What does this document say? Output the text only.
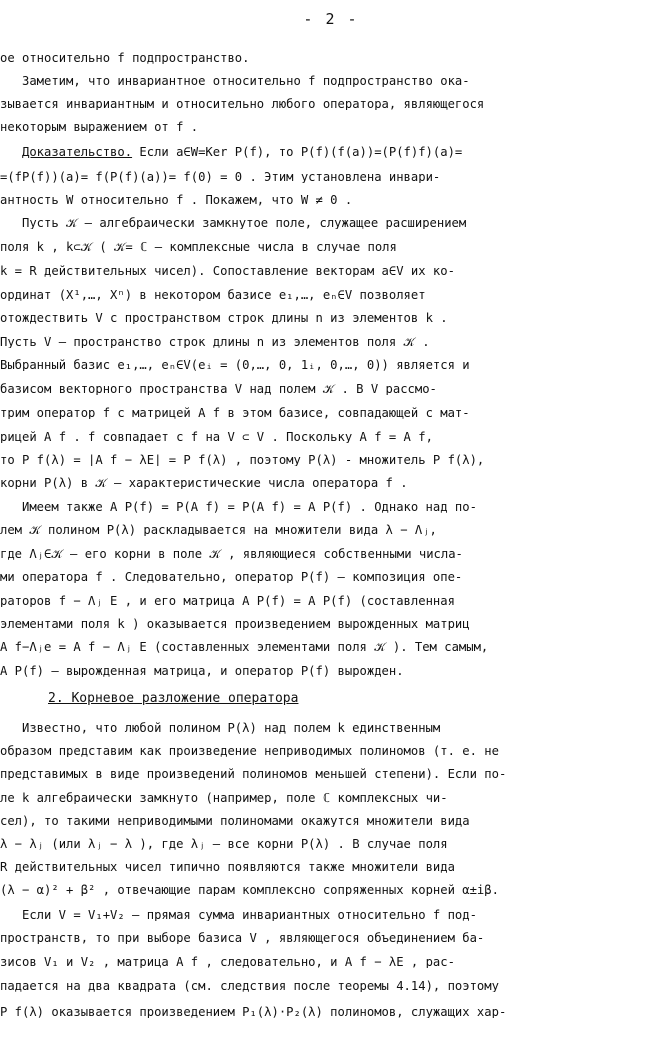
- 2 -
ое относительно f подпространство.
Заметим, что инвариантное относительно f подпространство ока-
зывается инвариантным и относительно любого оператора, являющегося
некоторым выражением от f .
Доказательство. Если a∈W=Ker P(f), то P(f)(f(a))=(P(f)f)(a)=
=(fP(f))(a)= f(P(f)(a))= f(0) = 0 . Этим установлена инвари-
антность W относительно f . Покажем, что W ≠ 0 .
Пусть 𝒦 – алгебраически замкнутое поле, служащее расширением
поля k , k⊂𝒦 ( 𝒦= ℂ – комплексные числа в случае поля
k = R действительных чисел). Сопоставление векторам a∈V их ко-
ординат (X¹,…, Xⁿ) в некотором базисе e₁,…, eₙ∈V позволяет
отождествить V с пространством строк длины n из элементов k .
Пусть Ṽ – пространство строк длины n из элементов поля 𝒦 .
Выбранный базис e₁,…, eₙ∈Ṽ(eᵢ = (0,…, 0, 1ᵢ, 0,…, 0)) является и
базисом векторного пространства Ṽ над полем 𝒦 . В Ṽ рассмо-
трим оператор f̃ с матрицей A_f̃ в этом базисе, совпадающей с мат-
рицей A_f . f̃ совпадает с f на V ⊂ Ṽ . Поскольку A_f̃ = A_f,
то P_f̃(λ) = |A_f̃ − λE| = P_f(λ) , поэтому P(λ) - множитель P_f̃(λ),
корни P(λ) в 𝒦 – характеристические числа оператора f̃ .
Имеем также A_P(f̃) = P(A_f̃) = P(A_f) = A_P(f) . Однако над по-
лем 𝒦 полином P(λ) раскладывается на множители вида λ − Λⱼ,
где Λⱼ∈𝒦 – его корни в поле 𝒦 , являющиеся собственными числа-
ми оператора f̃ . Следовательно, оператор P(f̃) – композиция опе-
раторов f̃ − Λⱼ E , и его матрица A_P(f̃) = A_P(f) (составленная
элементами поля k ) оказывается произведением вырожденных матриц
A_f̃−Λⱼe = A_f − Λⱼ E (составленных элементами поля 𝒦 ). Тем самым,
A_P(f) – вырожденная матрица, и оператор P(f) вырожден.
2. Корневое разложение оператора
Известно, что любой полином P(λ) над полем k единственным
образом представим как произведение неприводимых полиномов (т. е. не
представимых в виде произведений полиномов меньшей степени). Если по-
ле k алгебраически замкнуто (например, поле ℂ комплексных чи-
сел), то такими неприводимыми полиномами окажутся множители вида
λ − λⱼ (или λⱼ − λ ), где λⱼ – все корни P(λ) . В случае поля
R действительных чисел типично появляются также множители вида
(λ − α)² + β² , отвечающие парам комплексно сопряженных корней α±iβ.
Если V = V₁+V₂ – прямая сумма инвариантных относительно f под-
пространств, то при выборе базиса V , являющегося объединением ба-
зисов V₁ и V₂ , матрица A_f , следовательно, и A_f − λE , рас-
падается на два квадрата (см. следствия после теоремы 4.14), поэтому
P_f(λ) оказывается произведением P₁(λ)·P₂(λ) полиномов, служащих хар-
